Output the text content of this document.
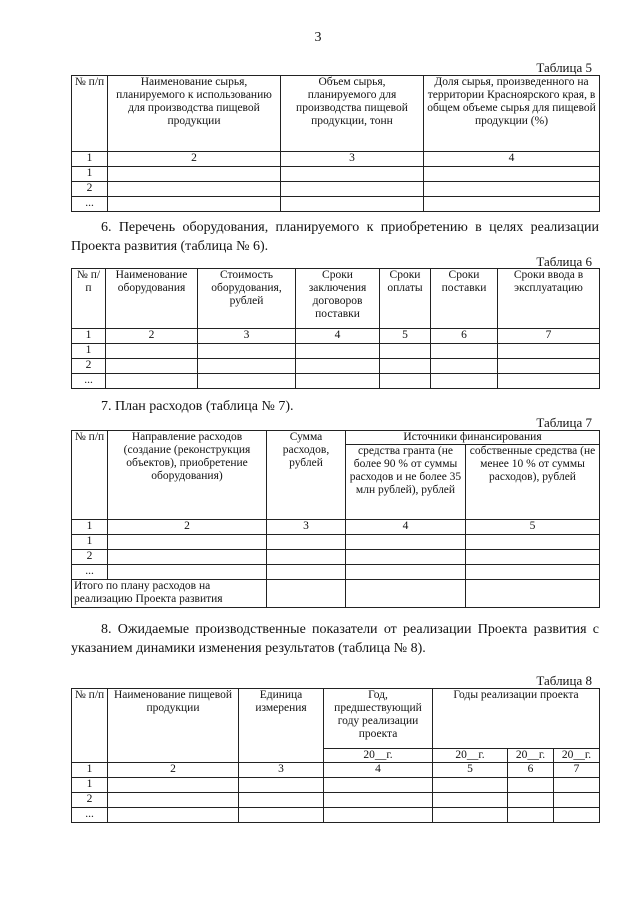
3
Таблица 5
№ п/п	Наименование сырья, планируемого к использованию для производства пищевой продукции	Объем сырья, планируемого для производства пищевой продукции, тонн	Доля сырья, произведенного на территории Красноярского края, в общем объеме сырья для пищевой продукции (%)
1	2	3	4
1			
2			
...			
6. Перечень оборудования, планируемого к приобретению в целях реализации Проекта развития (таблица № 6).
Таблица 6
№ п/п	Наименование оборудования	Стоимость оборудования, рублей	Сроки заключения договоров поставки	Сроки оплаты	Сроки поставки	Сроки ввода в эксплуатацию
1	2	3	4	5	6	7
1						
2						
...						
7. План расходов (таблица № 7).
Таблица 7
№ п/п	Направление расходов (создание (реконструкция объектов), приобретение оборудования)	Сумма расходов, рублей	Источники финансирования	
			средства гранта (не более 90 % от суммы расходов и не более 35 млн рублей), рублей	собственные средства (не менее 10 % от суммы расходов), рублей
1	2	3	4	5
1				
2				
...				
Итого по плану расходов на реализацию Проекта развития				
8. Ожидаемые производственные показатели от реализации Проекта развития с указанием динамики изменения результатов (таблица № 8).
Таблица 8
№ п/п	Наименование пищевой продукции	Единица измерения	Год, предшествующий году реализации проекта	Годы реализации проекта		
			20__г.	20__г.	20__г.	20__г.
1	2	3	4	5	6	7
1						
2						
...						
